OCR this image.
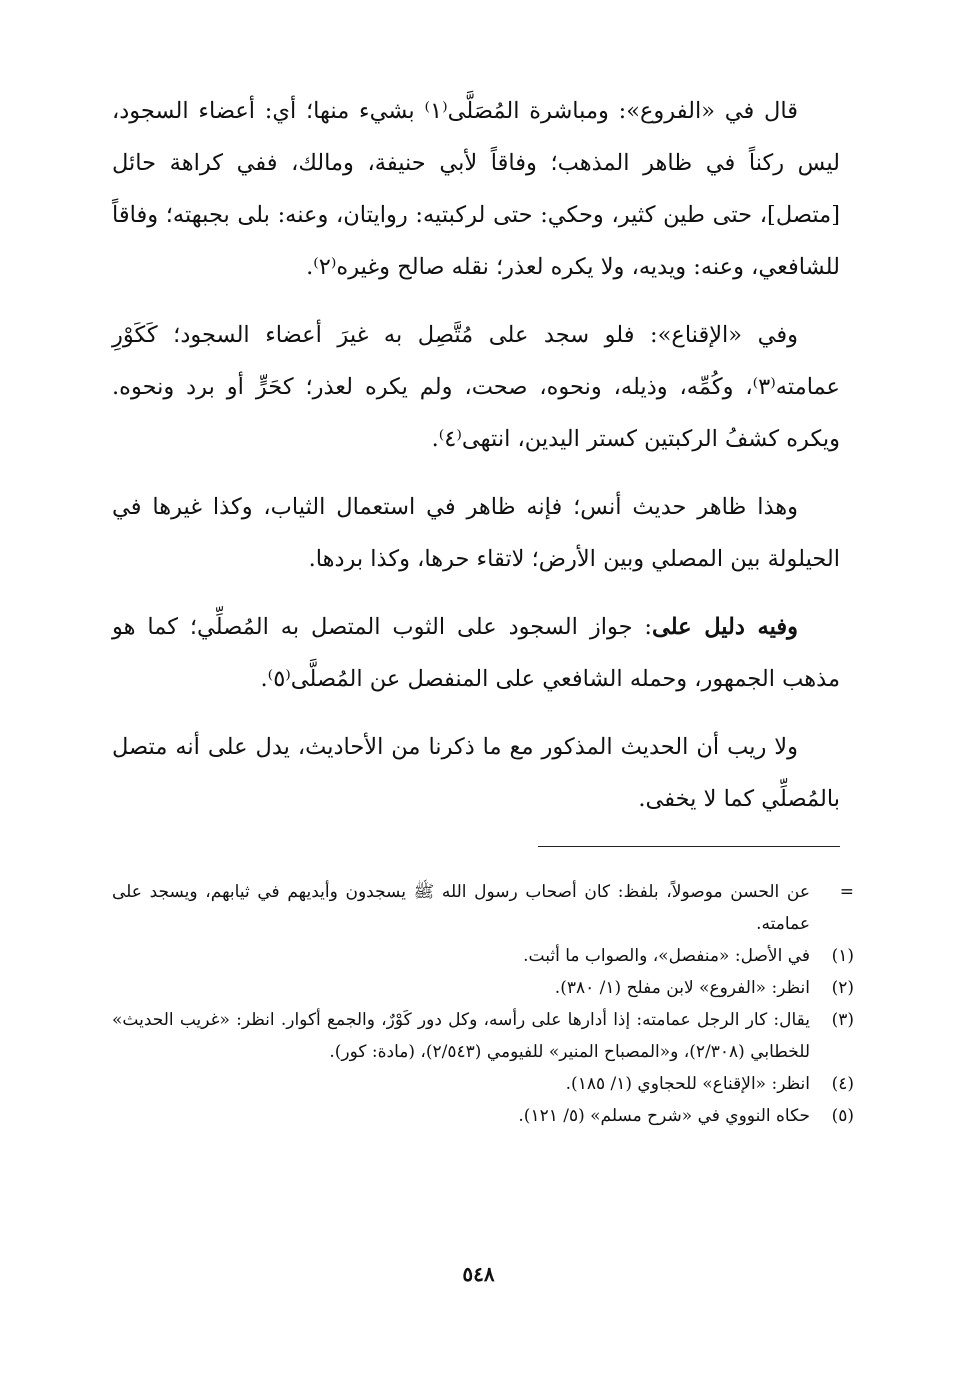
قال في «الفروع»: ومباشرة المُصَلَّى⁽١⁾ بشيء منها؛ أي: أعضاء السجود، ليس ركناً في ظاهر المذهب؛ وفاقاً لأبي حنيفة، ومالك، ففي كراهة حائل [متصل]، حتى طين كثير، وحكي: حتى لركبتيه: روايتان، وعنه: بلى بجبهته؛ وفاقاً للشافعي، وعنه: ويديه، ولا يكره لعذر؛ نقله صالح وغيره⁽٢⁾.

وفي «الإقناع»: فلو سجد على مُتَّصِل به غيرَ أعضاء السجود؛ كَكَوْرِ عمامته⁽٣⁾، وكُمِّه، وذيله، ونحوه، صحت، ولم يكره لعذر؛ كحَرٍّ أو برد ونحوه. ويكره كشفُ الركبتين كستر اليدين، انتهى⁽٤⁾.

وهذا ظاهر حديث أنس؛ فإنه ظاهر في استعمال الثياب، وكذا غيرها في الحيلولة بين المصلي وبين الأرض؛ لاتقاء حرها، وكذا بردها.

وفيه دليل على: جواز السجود على الثوب المتصل به المُصلِّي؛ كما هو مذهب الجمهور، وحمله الشافعي على المنفصل عن المُصلَّى⁽٥⁾.

ولا ريب أن الحديث المذكور مع ما ذكرنا من الأحاديث، يدل على أنه متصل بالمُصلِّي كما لا يخفى.

=
عن الحسن موصولاً، بلفظ: كان أصحاب رسول الله ﷺ يسجدون وأيديهم في ثيابهم، ويسجد على عمامته.
(١)
في الأصل: «منفصل»، والصواب ما أثبت.
(٢)
انظر: «الفروع» لابن مفلح (١/ ٣٨٠).
(٣)
يقال: كار الرجل عمامته: إذا أدارها على رأسه، وكل دور كَوْرٌ، والجمع أكوار. انظر: «غريب الحديث» للخطابي (٢/٣٠٨)، و«المصباح المنير» للفيومي (٢/٥٤٣)، (مادة: كور).
(٤)
انظر: «الإقناع» للحجاوي (١/ ١٨٥).
(٥)
حكاه النووي في «شرح مسلم» (٥/ ١٢١).
٥٤٨
